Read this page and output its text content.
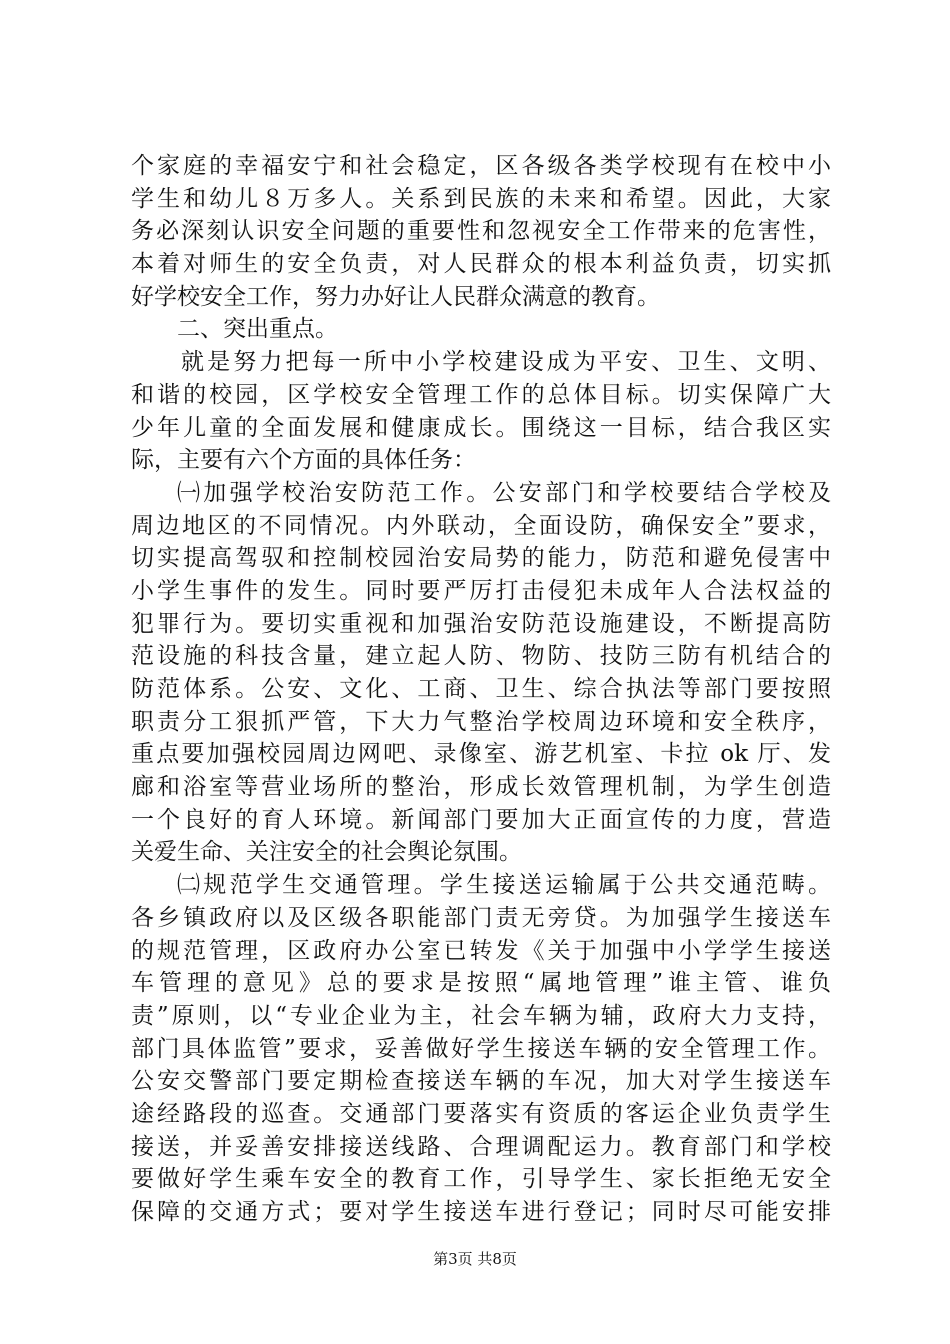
个家庭的幸福安宁和社会稳定，区各级各类学校现有在校中小
学生和幼儿８万多人。关系到民族的未来和希望。因此，大家
务必深刻认识安全问题的重要性和忽视安全工作带来的危害性，
本着对师生的安全负责，对人民群众的根本利益负责，切实抓
好学校安全工作，努力办好让人民群众满意的教育。
二、突出重点。
就是努力把每一所中小学校建设成为平安、卫生、文明、
和谐的校园，区学校安全管理工作的总体目标。切实保障广大
少年儿童的全面发展和健康成长。围绕这一目标，结合我区实
际，主要有六个方面的具体任务：
㈠加强学校治安防范工作。公安部门和学校要结合学校及
周边地区的不同情况。内外联动，全面设防，确保安全”要求，
切实提高驾驭和控制校园治安局势的能力，防范和避免侵害中
小学生事件的发生。同时要严厉打击侵犯未成年人合法权益的
犯罪行为。要切实重视和加强治安防范设施建设，不断提高防
范设施的科技含量，建立起人防、物防、技防三防有机结合的
防范体系。公安、文化、工商、卫生、综合执法等部门要按照
职责分工狠抓严管，下大力气整治学校周边环境和安全秩序，
重点要加强校园周边网吧、录像室、游艺机室、卡拉 ok 厅、发
廊和浴室等营业场所的整治，形成长效管理机制，为学生创造
一个良好的育人环境。新闻部门要加大正面宣传的力度，营造
关爱生命、关注安全的社会舆论氛围。
㈡规范学生交通管理。学生接送运输属于公共交通范畴。
各乡镇政府以及区级各职能部门责无旁贷。为加强学生接送车
的规范管理，区政府办公室已转发《关于加强中小学学生接送
车管理的意见》总的要求是按照“属地管理”谁主管、谁负
责”原则，以“专业企业为主，社会车辆为辅，政府大力支持，
部门具体监管”要求，妥善做好学生接送车辆的安全管理工作。
公安交警部门要定期检查接送车辆的车况，加大对学生接送车
途经路段的巡查。交通部门要落实有资质的客运企业负责学生
接送，并妥善安排接送线路、合理调配运力。教育部门和学校
要做好学生乘车安全的教育工作，引导学生、家长拒绝无安全
保障的交通方式；要对学生接送车进行登记；同时尽可能安排
第3页 共8页
